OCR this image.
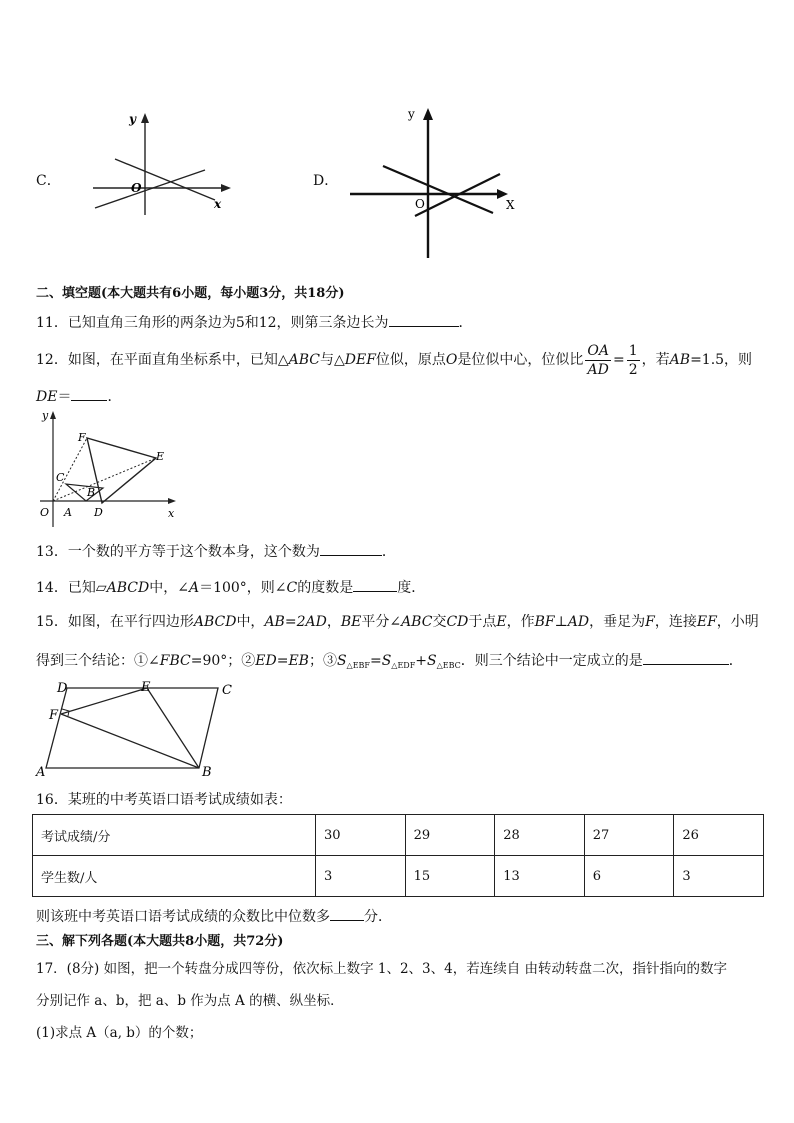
C．
y
x
O	D．
y
X
O
二、填空题(本大题共有6小题，每小题3分，共18分)
11．已知直角三角形的两条边为5和12，则第三条边长为	．
12．如图，在平面直角坐标系中，已知△ ABC 与△ DEF 位似，原点 O 是位似中心，位似比 $\frac{OA}{AD} = \frac{1}{2}$ ，若 AB =1.5，则
DE＝	．
y
x
O A
B
C
D
E
F
13．一个数的平方等于这个数本身，这个数为	．
14．已知▱ABCD中，∠A＝100°，则∠C的度数是	度．
15．如图，在平行四边形ABCD中，AB=2AD，BE平分∠ABC交CD于点E，作BF⊥AD，垂足为F，连接EF，小明
得到三个结论：①∠FBC=90°；②ED=EB；$③S_{\triangle EBF}=S_{\triangle EDF}+S_{\triangle EBC}$．则三个结论中一定成立的是	．
A	B
C
D	E
F
16．某班的中考英语口语考试成绩如表：
考试成绩/分	30	29	28	27	26
学生数/人	3	15	13	6	3
则该班中考英语口语考试成绩的众数比中位数多 分．
三、解下列各题(本大题共8小题，共72分)
17．(8分) 如图，把一个转盘分成四等份，依次标上数字 1、2、3、4，若连续自 由转动转盘二次，指针指向的数字
分别记作 a、b，把 a、b 作为点 A 的横、纵坐标．
(1)求点 A（a, b）的个数；
